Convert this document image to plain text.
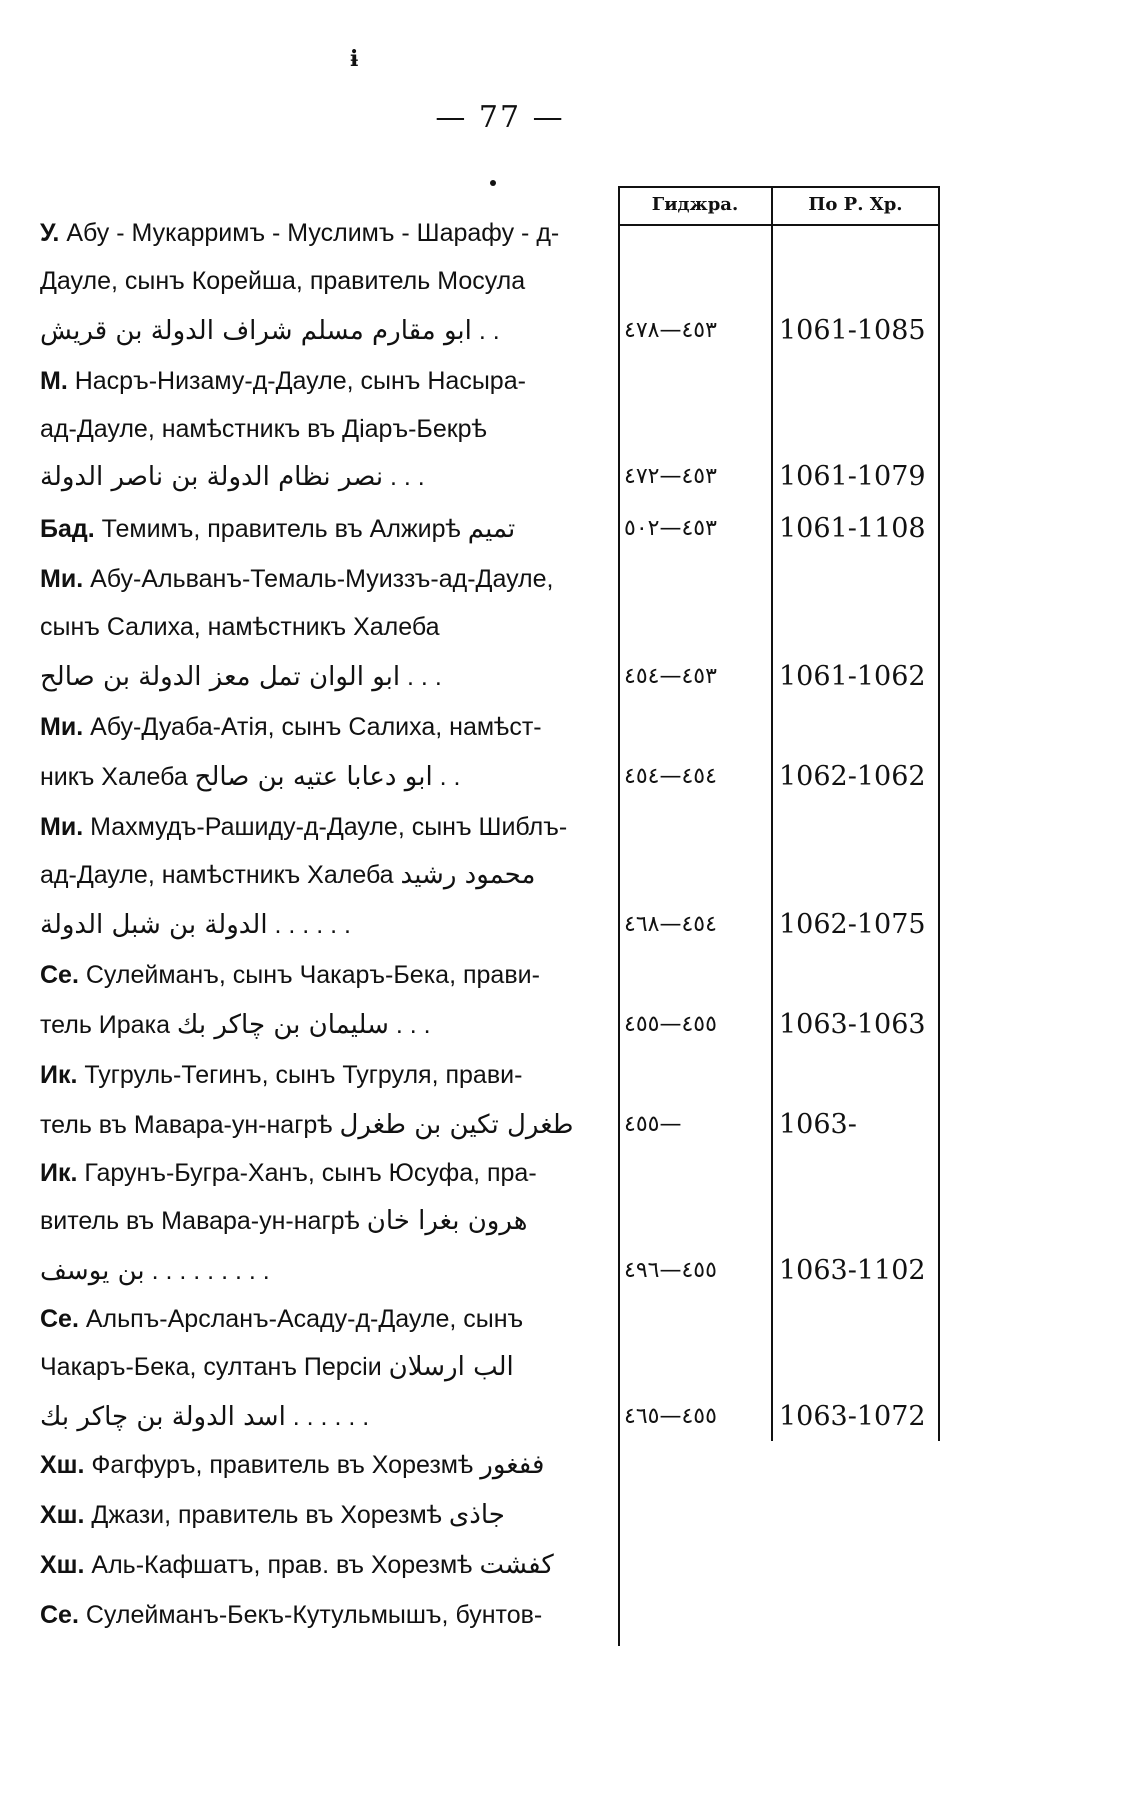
ɨ
— 77 —
Гиджра.	По Р. Хр.
У. Абу - Мукарримъ - Муслимъ - Шарафу - д-
Дауле, сынъ Корейша, правитель Мосула
ابو مقارم مسلم شراف الدولة بن قريش . .	٤٥٣—٤٧٨	1061-1085
М. Насръ-Низаму-д-Дауле, сынъ Насыра-
ад-Дауле, намѣстникъ въ Діаръ-Бекрѣ
نصر نظام الدولة بن ناصر الدولة . . .	٤٥٣—٤٧٢	1061-1079
Бад. Темимъ, правитель въ Алжирѣ تميم	٤٥٣—٥٠٢	1061-1108
Ми. Абу-Альванъ-Темаль-Муиззъ-ад-Дауле,
сынъ Салиха, намѣстникъ Халеба
ابو الوان تمل معز الدولة بن صالح . . .	٤٥٣—٤٥٤	1061-1062
Ми. Абу-Дуаба-Атія, сынъ Салиха, намѣст-
никъ Халеба ابو دعابا عتيه بن صالح . .	٤٥٤—٤٥٤	1062-1062
Ми. Махмудъ-Рашиду-д-Дауле, сынъ Шиблъ-
ад-Дауле, намѣстникъ Халеба محمود رشيد
الدولة بن شبل الدولة . . . . . .	٤٥٤—٤٦٨	1062-1075
Се. Сулейманъ, сынъ Чакаръ-Бека, прави-
тель Ирака سليمان بن چاكر بك . . .	٤٥٥—٤٥٥	1063-1063
Ик. Тугруль-Тегинъ, сынъ Тугруля, прави-
тель въ Мавара-ун-нагрѣ طغرل تكين بن طغرل	٤٥٥—	1063-
Ик. Гарунъ-Бугра-Ханъ, сынъ Юсуфа, пра-
витель въ Мавара-ун-нагрѣ هرون بغرا خان
بن يوسف . . . . . . . . .	٤٥٥—٤٩٦	1063-1102
Се. Альпъ-Арсланъ-Асаду-д-Дауле, сынъ
Чакаръ-Бека, султанъ Персіи الب ارسلان
اسد الدولة بن چاكر بك . . . . . .	٤٥٥—٤٦٥	1063-1072
Хш. Фагфуръ, правитель въ Хорезмѣ ففغور
Хш. Джази, правитель въ Хорезмѣ جاذى
Хш. Аль-Кафшатъ, прав. въ Хорезмѣ كفشت
Се. Сулейманъ-Бекъ-Кутульмышъ, бунтов-
